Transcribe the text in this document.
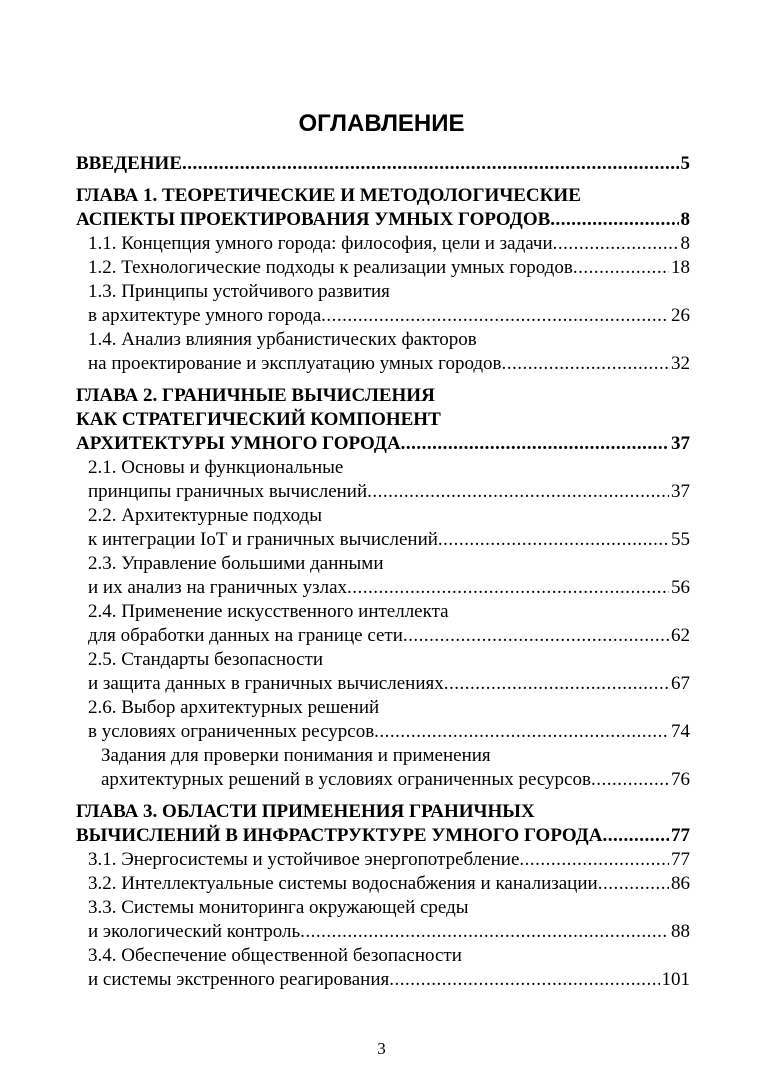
ОГЛАВЛЕНИЕ
ВВЕДЕНИЕ .....	5
ГЛАВА 1. ТЕОРЕТИЧЕСКИЕ И МЕТОДОЛОГИЧЕСКИЕ
АСПЕКТЫ ПРОЕКТИРОВАНИЯ УМНЫХ ГОРОДОВ .....	8
1.1. Концепция умного города: философия, цели и задачи .....	8
1.2. Технологические подходы к реализации умных городов .....	18
1.3. Принципы устойчивого развития
в архитектуре умного города .....	26
1.4. Анализ влияния урбанистических факторов
на проектирование и эксплуатацию умных городов .....	32
ГЛАВА 2. ГРАНИЧНЫЕ ВЫЧИСЛЕНИЯ
КАК СТРАТЕГИЧЕСКИЙ КОМПОНЕНТ
АРХИТЕКТУРЫ УМНОГО ГОРОДА .....	37
2.1. Основы и функциональные
принципы граничных вычислений .....	37
2.2. Архитектурные подходы
к интеграции IoT и граничных вычислений .....	55
2.3. Управление большими данными
и их анализ на граничных узлах .....	56
2.4. Применение искусственного интеллекта
для обработки данных на границе сети .....	62
2.5. Стандарты безопасности
и защита данных в граничных вычислениях .....	67
2.6. Выбор архитектурных решений
в условиях ограниченных ресурсов .....	74
Задания для проверки понимания и применения
архитектурных решений в условиях ограниченных ресурсов .....	76
ГЛАВА 3. ОБЛАСТИ ПРИМЕНЕНИЯ ГРАНИЧНЫХ
ВЫЧИСЛЕНИЙ В ИНФРАСТРУКТУРЕ УМНОГО ГОРОДА .....	77
3.1. Энергосистемы и устойчивое энергопотребление .....	77
3.2. Интеллектуальные системы водоснабжения и канализации .....	86
3.3. Системы мониторинга окружающей среды
и экологический контроль .....	88
3.4. Обеспечение общественной безопасности
и системы экстренного реагирования .....	101
3
